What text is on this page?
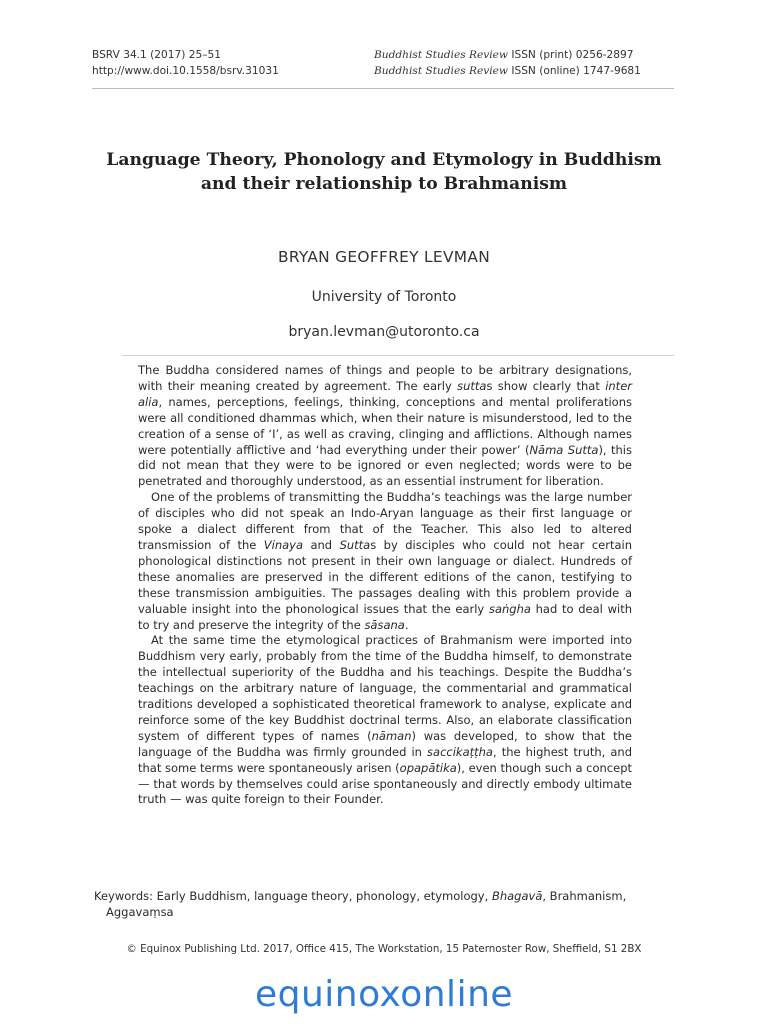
BSRV 34.1 (2017) 25–51
http://www.doi.10.1558/bsrv.31031
Buddhist Studies Review ISSN (print) 0256-2897
Buddhist Studies Review ISSN (online) 1747-9681
Language Theory, Phonology and Etymology in Buddhism
and their relationship to Brahmanism
BRYAN GEOFFREY LEVMAN
University of Toronto
bryan.levman@utoronto.ca

The Buddha considered names of things and people to be arbitrary designations, with their meaning created by agreement. The early suttas show clearly that inter alia, names, perceptions, feelings, thinking, conceptions and mental proliferations were all conditioned dhammas which, when their nature is misunderstood, led to the creation of a sense of ‘I’, as well as craving, clinging and afflictions. Although names were potentially afflictive and ‘had everything under their power’ (Nāma Sutta), this did not mean that they were to be ignored or even neglected; words were to be penetrated and thoroughly understood, as an essential instrument for liberation.

One of the problems of transmitting the Buddha’s teachings was the large number of disciples who did not speak an Indo-Aryan language as their first language or spoke a dialect different from that of the Teacher. This also led to altered transmission of the Vinaya and Suttas by disciples who could not hear certain phonological distinctions not present in their own language or dialect. Hundreds of these anomalies are preserved in the different editions of the canon, testifying to these transmission ambiguities. The passages dealing with this problem provide a valuable insight into the phonological issues that the early saṅgha had to deal with to try and preserve the integrity of the sāsana.

At the same time the etymological practices of Brahmanism were imported into Buddhism very early, probably from the time of the Buddha himself, to demonstrate the intellectual superiority of the Buddha and his teachings. Despite the Buddha’s teachings on the arbitrary nature of language, the commentarial and grammatical traditions developed a sophisticated theoretical framework to analyse, explicate and reinforce some of the key Buddhist doctrinal terms. Also, an elaborate classification system of different types of names (nāman) was developed, to show that the language of the Buddha was firmly grounded in saccikaṭṭha, the highest truth, and that some terms were spontaneously arisen (opapātika), even though such a concept — that words by themselves could arise spontaneously and directly embody ultimate truth — was quite foreign to their Founder.

Keywords: Early Buddhism, language theory, phonology, etymology, Bhagavā, Brahmanism,
Aggavaṃsa
© Equinox Publishing Ltd. 2017, Office 415, The Workstation, 15 Paternoster Row, Sheffield, S1 2BX
equinoxonline
